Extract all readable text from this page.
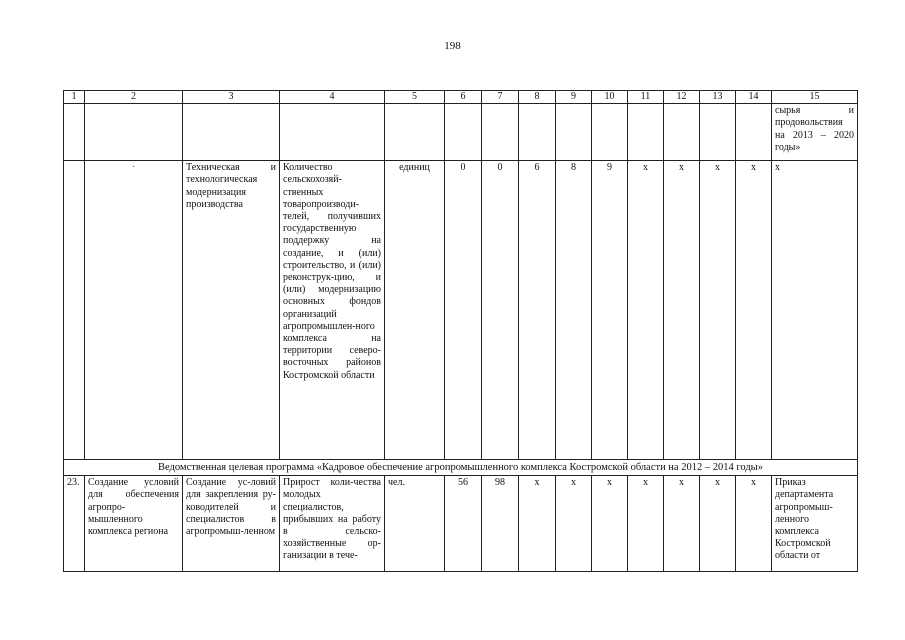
198
1	2	3	4	5	6	7	8	9	10	11	12	13	14	15
														сырья и продовольствия на 2013 – 2020 годы»
	·	Техническая и технологическая модернизация производства	Количество сельскохозяй-ственных товаропроизводи-телей, получивших государственную поддержку на создание, и (или) строительство, и (или) реконструк-цию, и (или) модернизацию основных фондов организаций агропромышлен-ного комплекса на территории северо-восточных районов Костромской области	единиц	0	0	6	8	9	x	x	x	x	x
Ведомственная целевая программа «Кадровое обеспечение агропромышленного комплекса Костромской области на 2012 – 2014 годы»														
23.	Создание условий для обеспечения агропро-мышленного комплекса региона	Создание ус-ловий для закрепления ру-ководителей и специалистов в агропромыш-ленном	Прирост коли-чества молодых специалистов, прибывших на работу в сельско-хозяйственные ор-ганизации в тече-	чел.	56	98	x	x	x	x	x	x	x	Приказ департамента агропромыш-ленного комплекса Костромской области от
